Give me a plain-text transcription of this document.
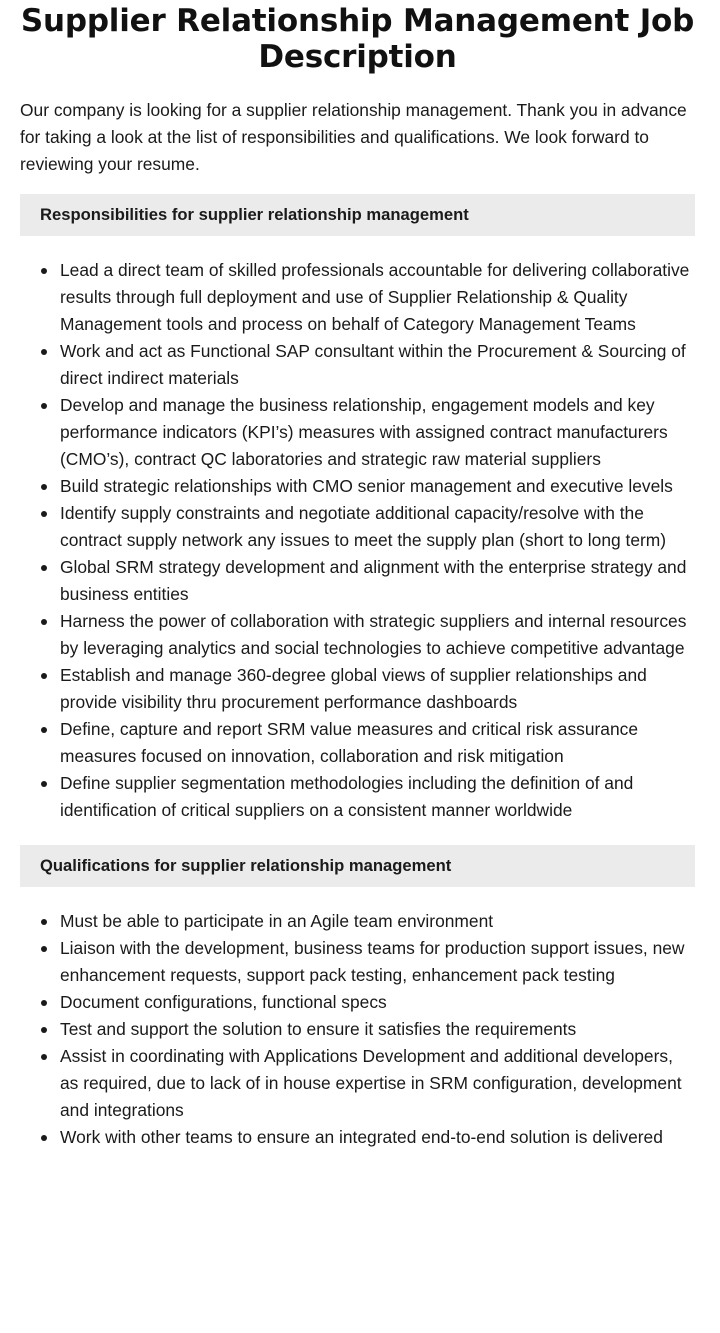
Supplier Relationship Management Job Description

Our company is looking for a supplier relationship management. Thank you in advance for taking a look at the list of responsibilities and qualifications. We look forward to reviewing your resume.

Responsibilities for supplier relationship management
Lead a direct team of skilled professionals accountable for delivering collaborative results through full deployment and use of Supplier Relationship & Quality Management tools and process on behalf of Category Management Teams
Work and act as Functional SAP consultant within the Procurement & Sourcing of direct indirect materials
Develop and manage the business relationship, engagement models and key performance indicators (KPI’s) measures with assigned contract manufacturers (CMO’s), contract QC laboratories and strategic raw material suppliers
Build strategic relationships with CMO senior management and executive levels
Identify supply constraints and negotiate additional capacity/resolve with the contract supply network any issues to meet the supply plan (short to long term)
Global SRM strategy development and alignment with the enterprise strategy and business entities
Harness the power of collaboration with strategic suppliers and internal resources by leveraging analytics and social technologies to achieve competitive advantage
Establish and manage 360-degree global views of supplier relationships and provide visibility thru procurement performance dashboards
Define, capture and report SRM value measures and critical risk assurance measures focused on innovation, collaboration and risk mitigation
Define supplier segmentation methodologies including the definition of and identification of critical suppliers on a consistent manner worldwide
Qualifications for supplier relationship management
Must be able to participate in an Agile team environment
Liaison with the development, business teams for production support issues, new enhancement requests, support pack testing, enhancement pack testing
Document configurations, functional specs
Test and support the solution to ensure it satisfies the requirements
Assist in coordinating with Applications Development and additional developers, as required, due to lack of in house expertise in SRM configuration, development and integrations
Work with other teams to ensure an integrated end-to-end solution is delivered
